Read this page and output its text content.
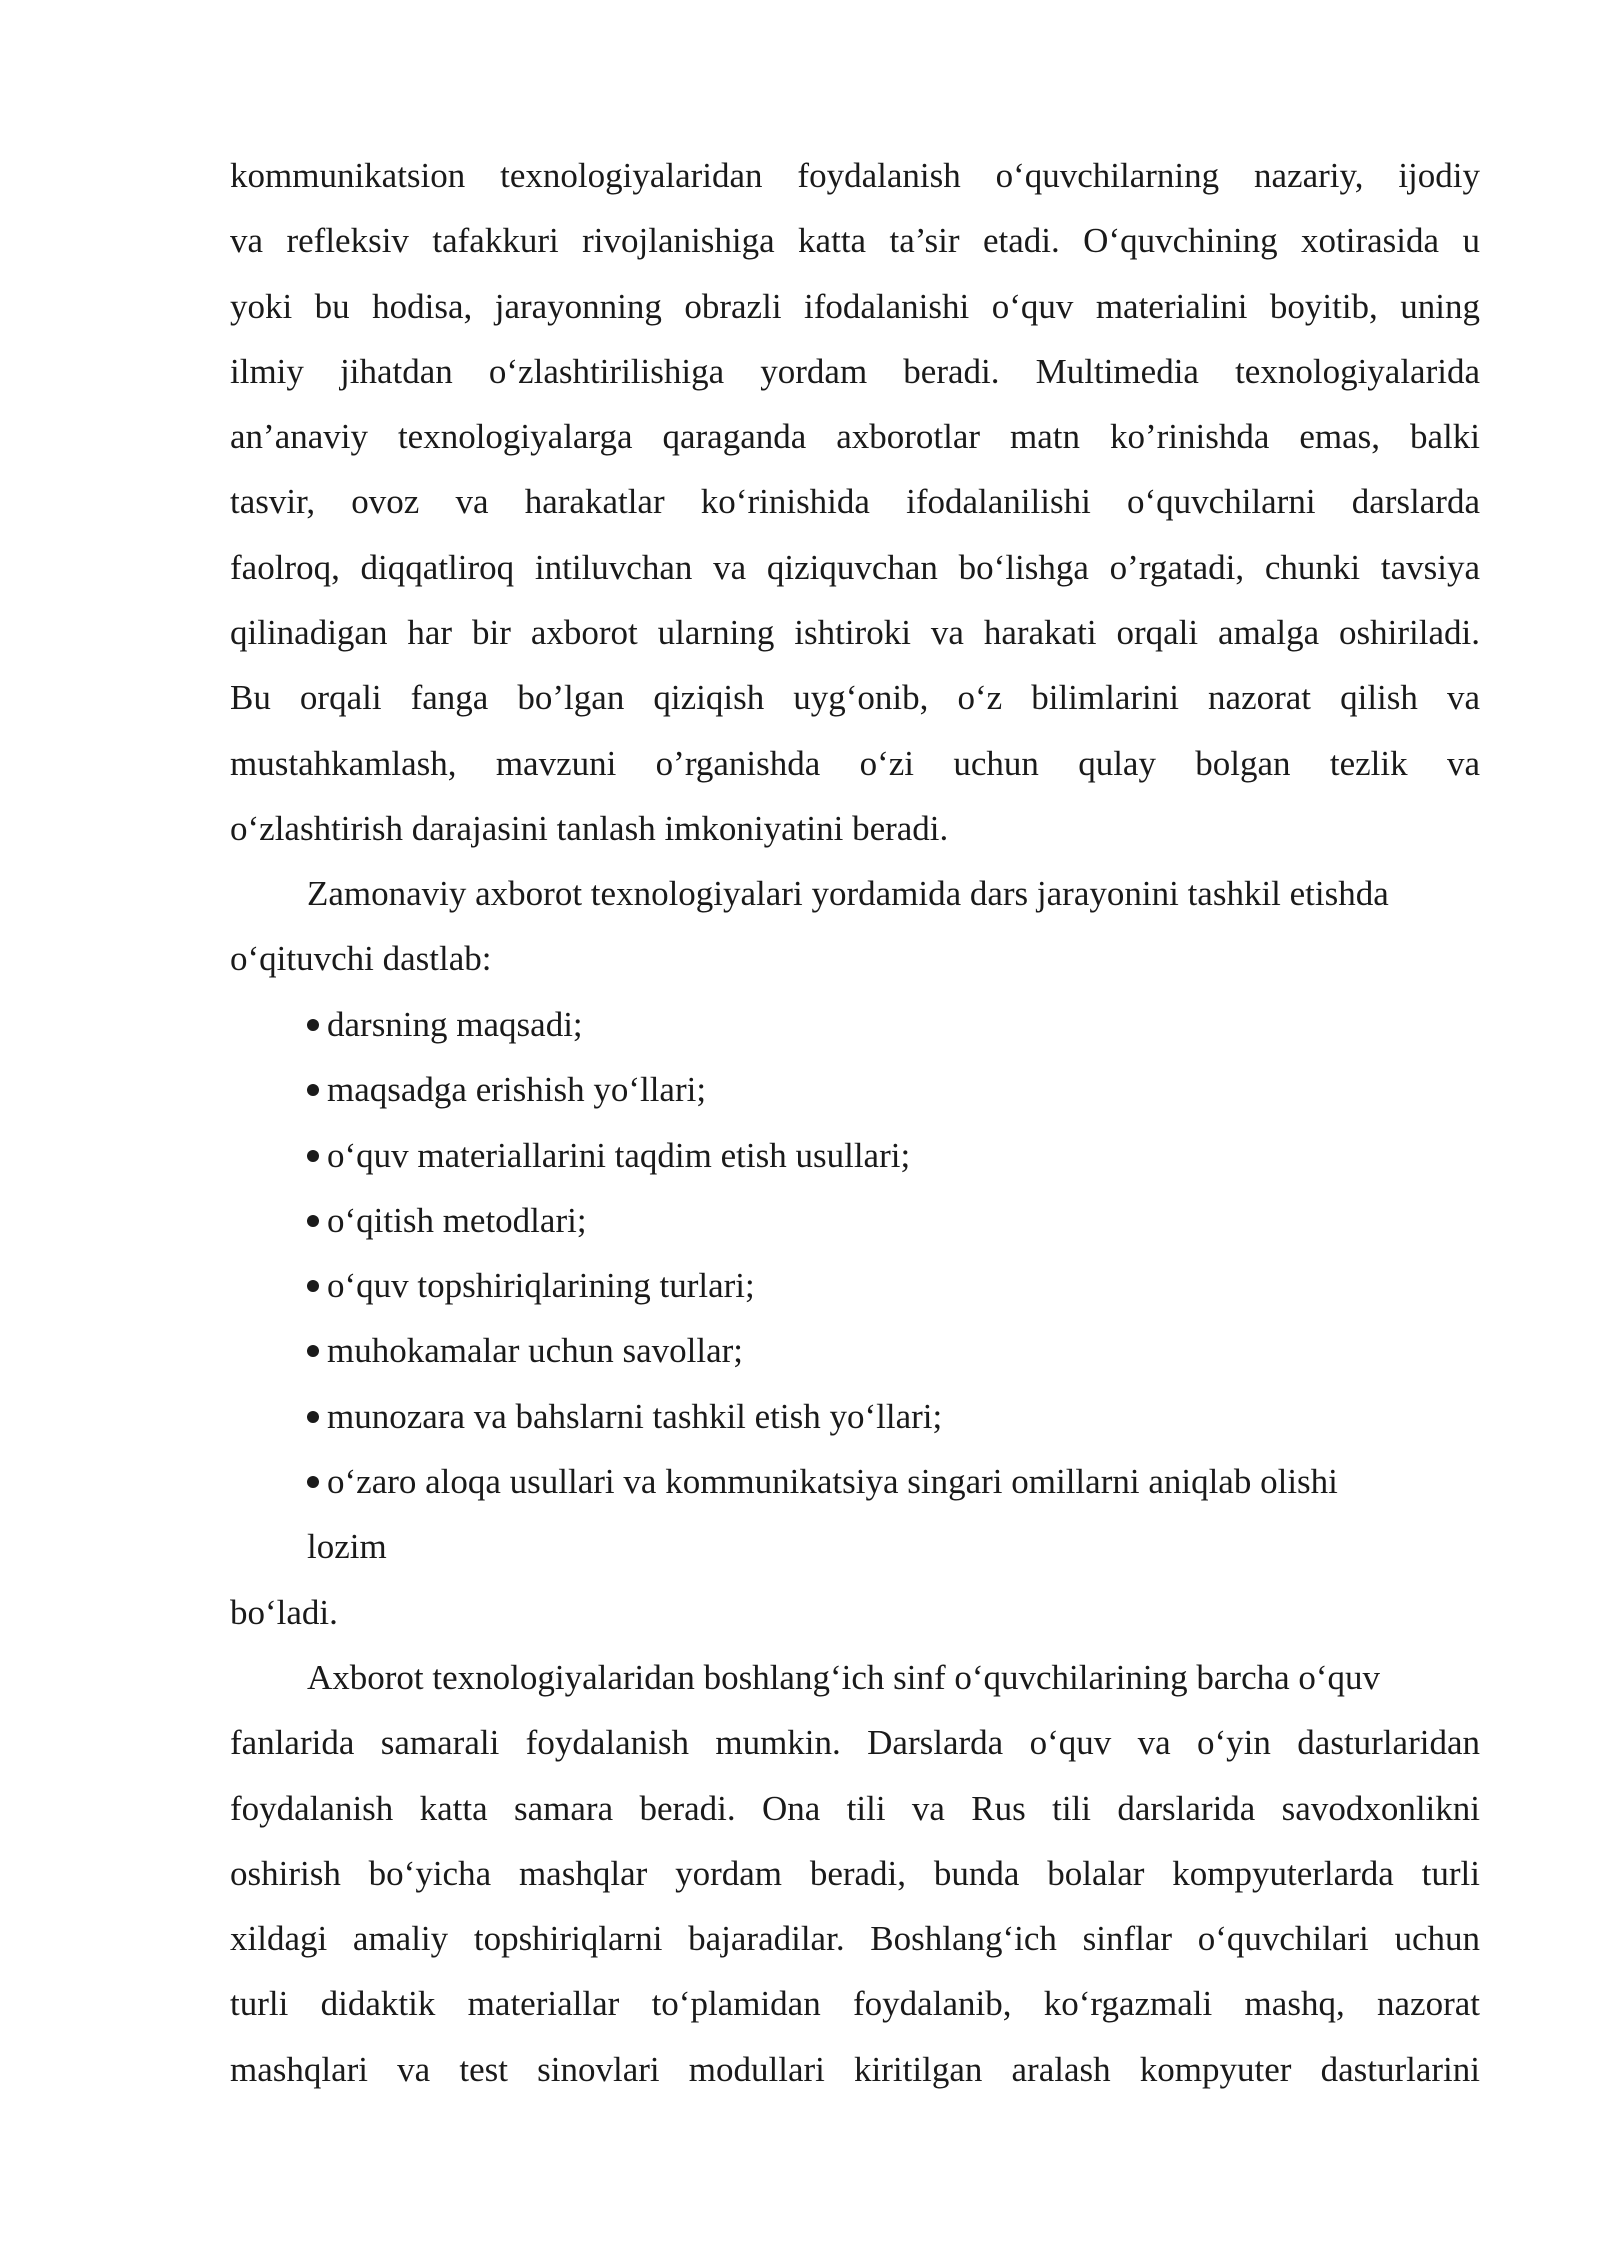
kommunikatsion texnologiyalaridan foydalanish o‘quvchilarning nazariy, ijodiy
va refleksiv tafakkuri rivojlanishiga katta ta’sir etadi. O‘quvchining xotirasida u
yoki bu hodisa, jarayonning obrazli ifodalanishi o‘quv materialini boyitib, uning
ilmiy jihatdan o‘zlashtirilishiga yordam beradi. Multimedia texnologiyalarida
an’anaviy texnologiyalarga qaraganda axborotlar matn ko’rinishda emas, balki
tasvir, ovoz va harakatlar ko‘rinishida ifodalanilishi o‘quvchilarni darslarda
faolroq, diqqatliroq intiluvchan va qiziquvchan bo‘lishga o’rgatadi, chunki tavsiya
qilinadigan har bir axborot ularning ishtiroki va harakati orqali amalga oshiriladi.
Bu orqali fanga bo’lgan qiziqish uyg‘onib, o‘z bilimlarini nazorat qilish va
mustahkamlash, mavzuni o’rganishda o‘zi uchun qulay bolgan tezlik va
o‘zlashtirish darajasini tanlash imkoniyatini beradi.
Zamonaviy axborot texnologiyalari yordamida dars jarayonini tashkil etishda
o‘qituvchi dastlab:
darsning maqsadi;
maqsadga erishish yo‘llari;
o‘quv materiallarini taqdim etish usullari;
o‘qitish metodlari;
o‘quv topshiriqlarining turlari;
muhokamalar uchun savollar;
munozara va bahslarni tashkil etish yo‘llari;
o‘zaro aloqa usullari va kommunikatsiya singari omillarni aniqlab olishi
lozim
bo‘ladi.
Axborot texnologiyalaridan boshlang‘ich sinf o‘quvchilarining barcha o‘quv
fanlarida samarali foydalanish mumkin. Darslarda o‘quv va o‘yin dasturlaridan
foydalanish katta samara beradi. Ona tili va Rus tili darslarida savodxonlikni
oshirish bo‘yicha mashqlar yordam beradi, bunda bolalar kompyuterlarda turli
xildagi amaliy topshiriqlarni bajaradilar. Boshlang‘ich sinflar o‘quvchilari uchun
turli didaktik materiallar to‘plamidan foydalanib, ko‘rgazmali mashq, nazorat
mashqlari va test sinovlari modullari kiritilgan aralash kompyuter dasturlarini
